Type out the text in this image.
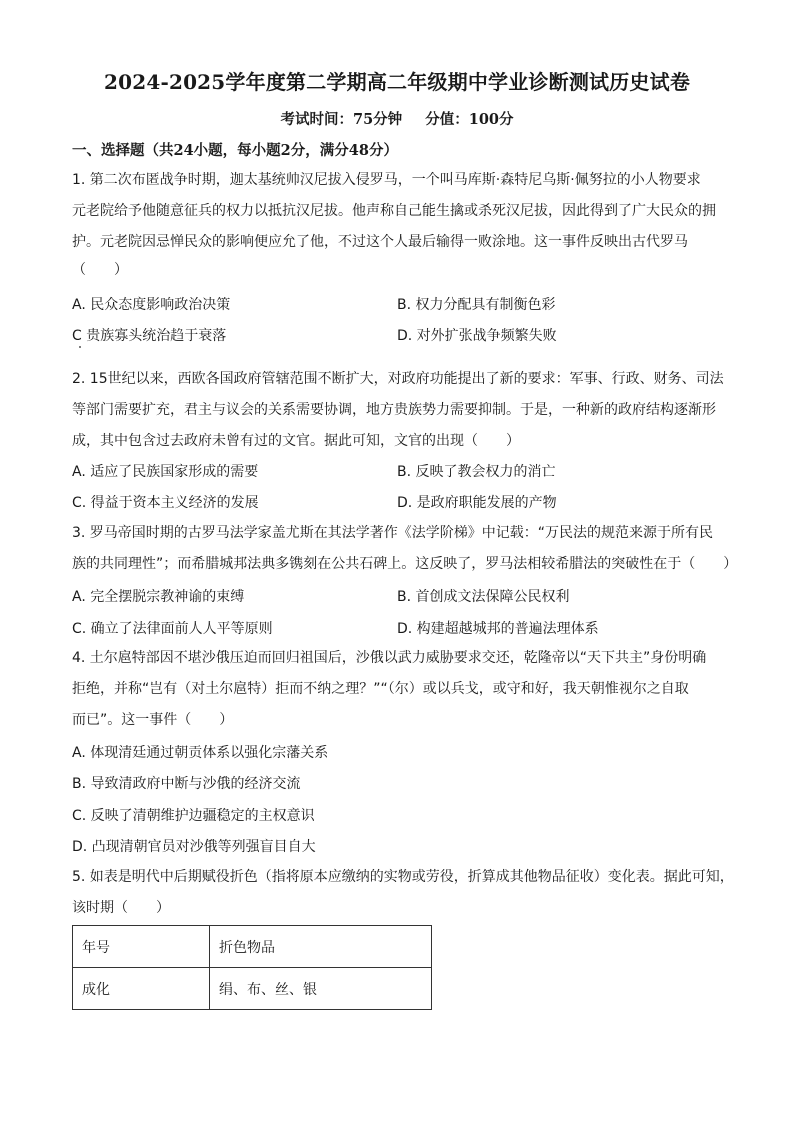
2024-2025学年度第二学期高二年级期中学业诊断测试历史试卷
考试时间：75分钟 分值：100分
一、选择题（共24小题，每小题2分，满分48分）

1. 第二次布匿战争时期，迦太基统帅汉尼拔入侵罗马，一个叫马库斯·森特尼乌斯·佩努拉的小人物要求

元老院给予他随意征兵的权力以抵抗汉尼拔。他声称自己能生擒或杀死汉尼拔，因此得到了广大民众的拥

护。元老院因忌惮民众的影响便应允了他，不过这个人最后输得一败涂地。这一事件反映出古代罗马

（　　）

A. 民众态度影响政治决策	B. 权力分配具有制衡色彩
C 贵族寡头统治趋于衰落	D. 对外扩张战争频繁失败

2. 15世纪以来，西欧各国政府管辖范围不断扩大，对政府功能提出了新的要求：军事、行政、财务、司法

等部门需要扩充，君主与议会的关系需要协调，地方贵族势力需要抑制。于是，一种新的政府结构逐渐形

成，其中包含过去政府未曾有过的文官。据此可知，文官的出现（　　）

A. 适应了民族国家形成的需要	B. 反映了教会权力的消亡
C. 得益于资本主义经济的发展	D. 是政府职能发展的产物

3. 罗马帝国时期的古罗马法学家盖尤斯在其法学著作《法学阶梯》中记载：“万民法的规范来源于所有民

族的共同理性”；而希腊城邦法典多镌刻在公共石碑上。这反映了，罗马法相较希腊法的突破性在于（　　）

A. 完全摆脱宗教神谕的束缚	B. 首创成文法保障公民权利
C. 确立了法律面前人人平等原则	D. 构建超越城邦的普遍法理体系

4. 土尔扈特部因不堪沙俄压迫而回归祖国后，沙俄以武力威胁要求交还，乾隆帝以“天下共主”身份明确

拒绝，并称“岂有（对土尔扈特）拒而不纳之理？”“（尔）或以兵戈，或守和好，我天朝惟视尔之自取

而已”。这一事件（　　）

A. 体现清廷通过朝贡体系以强化宗藩关系
B. 导致清政府中断与沙俄的经济交流
C. 反映了清朝维护边疆稳定的主权意识
D. 凸现清朝官员对沙俄等列强盲目自大

5. 如表是明代中后期赋役折色（指将原本应缴纳的实物或劳役，折算成其他物品征收）变化表。据此可知，

该时期（　　）

年号	折色物品
成化	绢、布、丝、银
